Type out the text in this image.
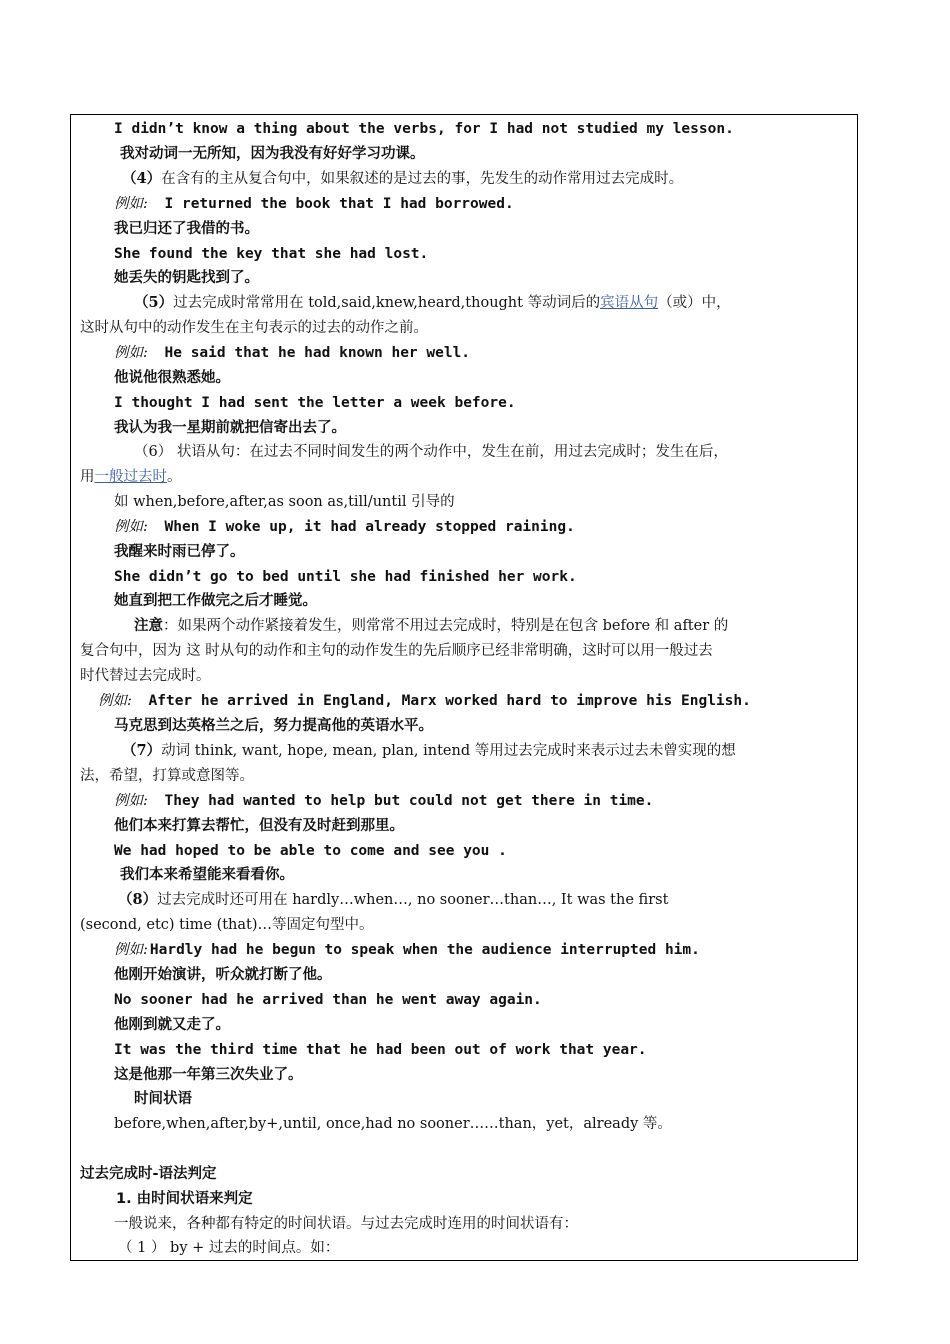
I didn’t know a thing about the verbs, for I had not studied my lesson.
我对动词一无所知，因为我没有好好学习功课。
（4）在含有的主从复合句中，如果叙述的是过去的事，先发生的动作常用过去完成时。
例如: I returned the book that I had borrowed.
我已归还了我借的书。
She found the key that she had lost.
她丢失的钥匙找到了。
（5）过去完成时常常用在 told,said,knew,heard,thought 等动词后的宾语从句（或）中，
这时从句中的动作发生在主句表示的过去的动作之前。
例如: He said that he had known her well.
他说他很熟悉她。
I thought I had sent the letter a week before.
我认为我一星期前就把信寄出去了。
（6） 状语从句：在过去不同时间发生的两个动作中，发生在前，用过去完成时；发生在后，
用一般过去时。
如 when,before,after,as soon as,till/until 引导的
例如: When I woke up, it had already stopped raining.
我醒来时雨已停了。
She didn’t go to bed until she had finished her work.
她直到把工作做完之后才睡觉。
注意：如果两个动作紧接着发生，则常常不用过去完成时，特别是在包含 before 和 after 的
复合句中，因为 这 时从句的动作和主句的动作发生的先后顺序已经非常明确，这时可以用一般过去
时代替过去完成时。
例如: After he arrived in England, Marx worked hard to improve his English.
马克思到达英格兰之后，努力提高他的英语水平。
（7）动词 think, want, hope, mean, plan, intend 等用过去完成时来表示过去未曾实现的想
法，希望，打算或意图等。
例如: They had wanted to help but could not get there in time.
他们本来打算去帮忙，但没有及时赶到那里。
We had hoped to be able to come and see you .
我们本来希望能来看看你。
（8）过去完成时还可用在 hardly…when…, no sooner…than…, It was the first
(second, etc) time (that)…等固定句型中。
例如: Hardly had he begun to speak when the audience interrupted him.
他刚开始演讲，听众就打断了他。
No sooner had he arrived than he went away again.
他刚到就又走了。
It was the third time that he had been out of work that year.
这是他那一年第三次失业了。
时间状语
before,when,after,by+,until, once,had no sooner……than，yet，already 等。
过去完成时-语法判定
1. 由时间状语来判定
一般说来，各种都有特定的时间状语。与过去完成时连用的时间状语有：
（ 1 ） by + 过去的时间点。如：
